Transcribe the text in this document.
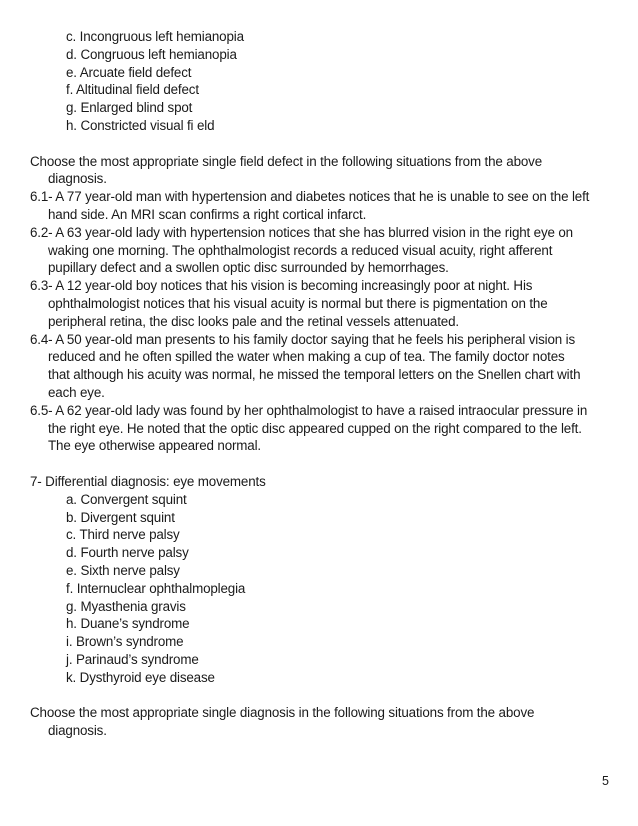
c. Incongruous left hemianopia
d. Congruous left hemianopia
e. Arcuate field defect
f. Altitudinal field defect
g. Enlarged blind spot
h. Constricted visual fi eld
Choose the most appropriate single field defect in the following situations from the above
diagnosis.
6.1- A 77 year-old man with hypertension and diabetes notices that he is unable to see on the left
hand side. An MRI scan confirms a right cortical infarct.
6.2- A 63 year-old lady with hypertension notices that she has blurred vision in the right eye on
waking one morning. The ophthalmologist records a reduced visual acuity, right afferent
pupillary defect and a swollen optic disc surrounded by hemorrhages.
6.3- A 12 year-old boy notices that his vision is becoming increasingly poor at night. His
ophthalmologist notices that his visual acuity is normal but there is pigmentation on the
peripheral retina, the disc looks pale and the retinal vessels attenuated.
6.4- A 50 year-old man presents to his family doctor saying that he feels his peripheral vision is
reduced and he often spilled the water when making a cup of tea. The family doctor notes
that although his acuity was normal, he missed the temporal letters on the Snellen chart with
each eye.
6.5- A 62 year-old lady was found by her ophthalmologist to have a raised intraocular pressure in
the right eye. He noted that the optic disc appeared cupped on the right compared to the left.
The eye otherwise appeared normal.
7- Differential diagnosis: eye movements
a. Convergent squint
b. Divergent squint
c. Third nerve palsy
d. Fourth nerve palsy
e. Sixth nerve palsy
f. Internuclear ophthalmoplegia
g. Myasthenia gravis
h. Duane’s syndrome
i. Brown’s syndrome
j. Parinaud’s syndrome
k. Dysthyroid eye disease
Choose the most appropriate single diagnosis in the following situations from the above
diagnosis.
5
